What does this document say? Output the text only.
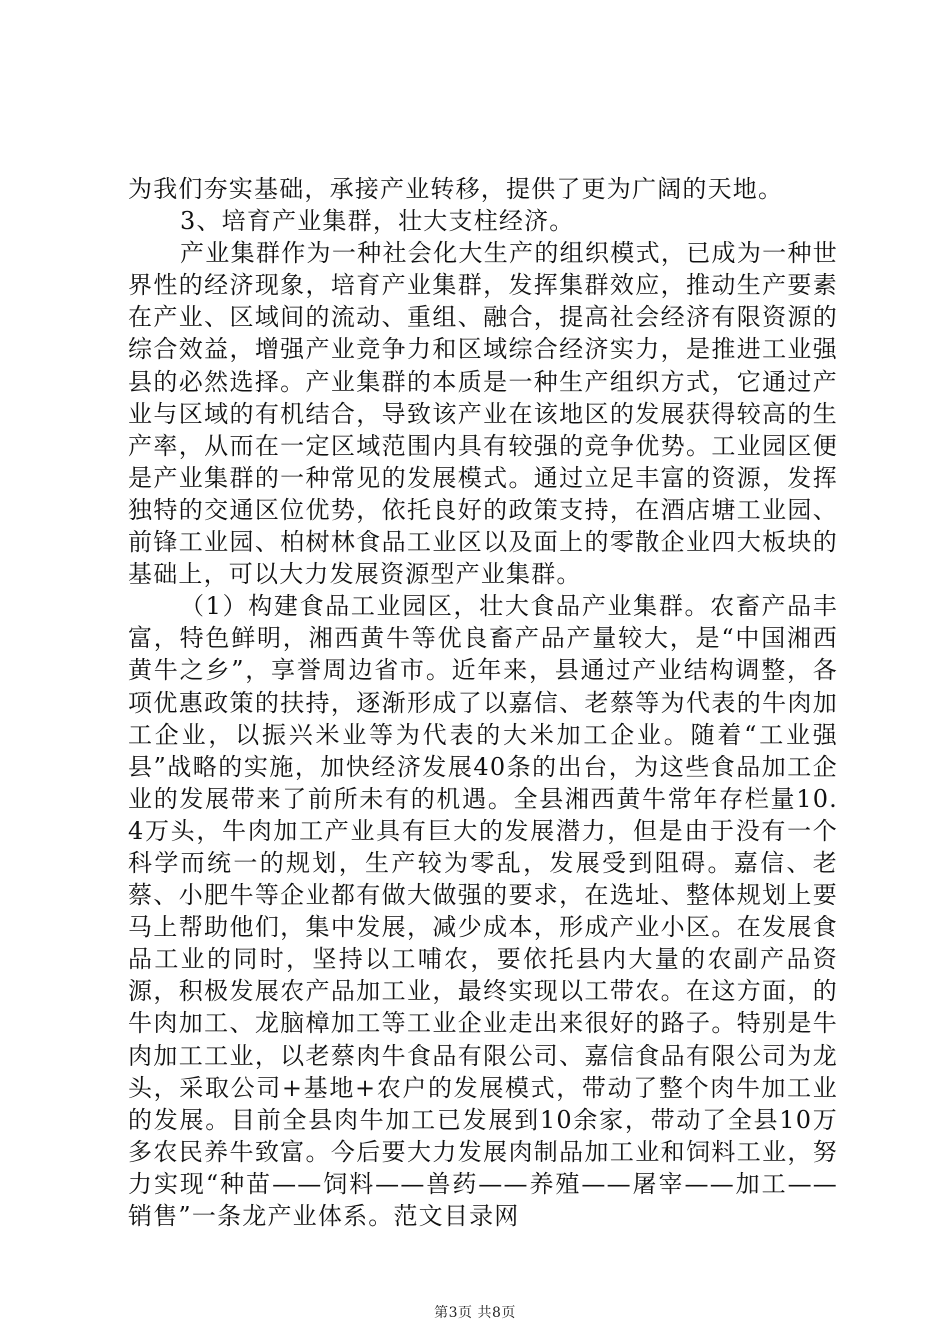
为我们夯实基础，承接产业转移，提供了更为广阔的天地。

3、培育产业集群，壮大支柱经济。

产业集群作为一种社会化大生产的组织模式，已成为一种世界性的经济现象，培育产业集群，发挥集群效应，推动生产要素在产业、区域间的流动、重组、融合，提高社会经济有限资源的综合效益，增强产业竞争力和区域综合经济实力，是推进工业强县的必然选择。产业集群的本质是一种生产组织方式，它通过产业与区域的有机结合，导致该产业在该地区的发展获得较高的生产率，从而在一定区域范围内具有较强的竞争优势。工业园区便是产业集群的一种常见的发展模式。通过立足丰富的资源，发挥独特的交通区位优势，依托良好的政策支持，在酒店塘工业园、前锋工业园、柏树林食品工业区以及面上的零散企业四大板块的基础上，可以大力发展资源型产业集群。

（1）构建食品工业园区，壮大食品产业集群。农畜产品丰富，特色鲜明，湘西黄牛等优良畜产品产量较大，是“中国湘西黄牛之乡”，享誉周边省市。近年来，县通过产业结构调整，各项优惠政策的扶持，逐渐形成了以嘉信、老蔡等为代表的牛肉加工企业，以振兴米业等为代表的大米加工企业。随着“工业强县”战略的实施，加快经济发展40条的出台，为这些食品加工企业的发展带来了前所未有的机遇。全县湘西黄牛常年存栏量10.4万头，牛肉加工产业具有巨大的发展潜力，但是由于没有一个科学而统一的规划，生产较为零乱，发展受到阻碍。嘉信、老蔡、小肥牛等企业都有做大做强的要求，在选址、整体规划上要马上帮助他们，集中发展，减少成本，形成产业小区。在发展食品工业的同时，坚持以工哺农，要依托县内大量的农副产品资源，积极发展农产品加工业，最终实现以工带农。在这方面，的牛肉加工、龙脑樟加工等工业企业走出来很好的路子。特别是牛肉加工工业，以老蔡肉牛食品有限公司、嘉信食品有限公司为龙头，采取公司+基地+农户的发展模式，带动了整个肉牛加工业的发展。目前全县肉牛加工已发展到10余家，带动了全县10万多农民养牛致富。今后要大力发展肉制品加工业和饲料工业，努力实现“种苗——饲料——兽药——养殖——屠宰——加工——销售”一条龙产业体系。范文目录网

第3页 共8页
